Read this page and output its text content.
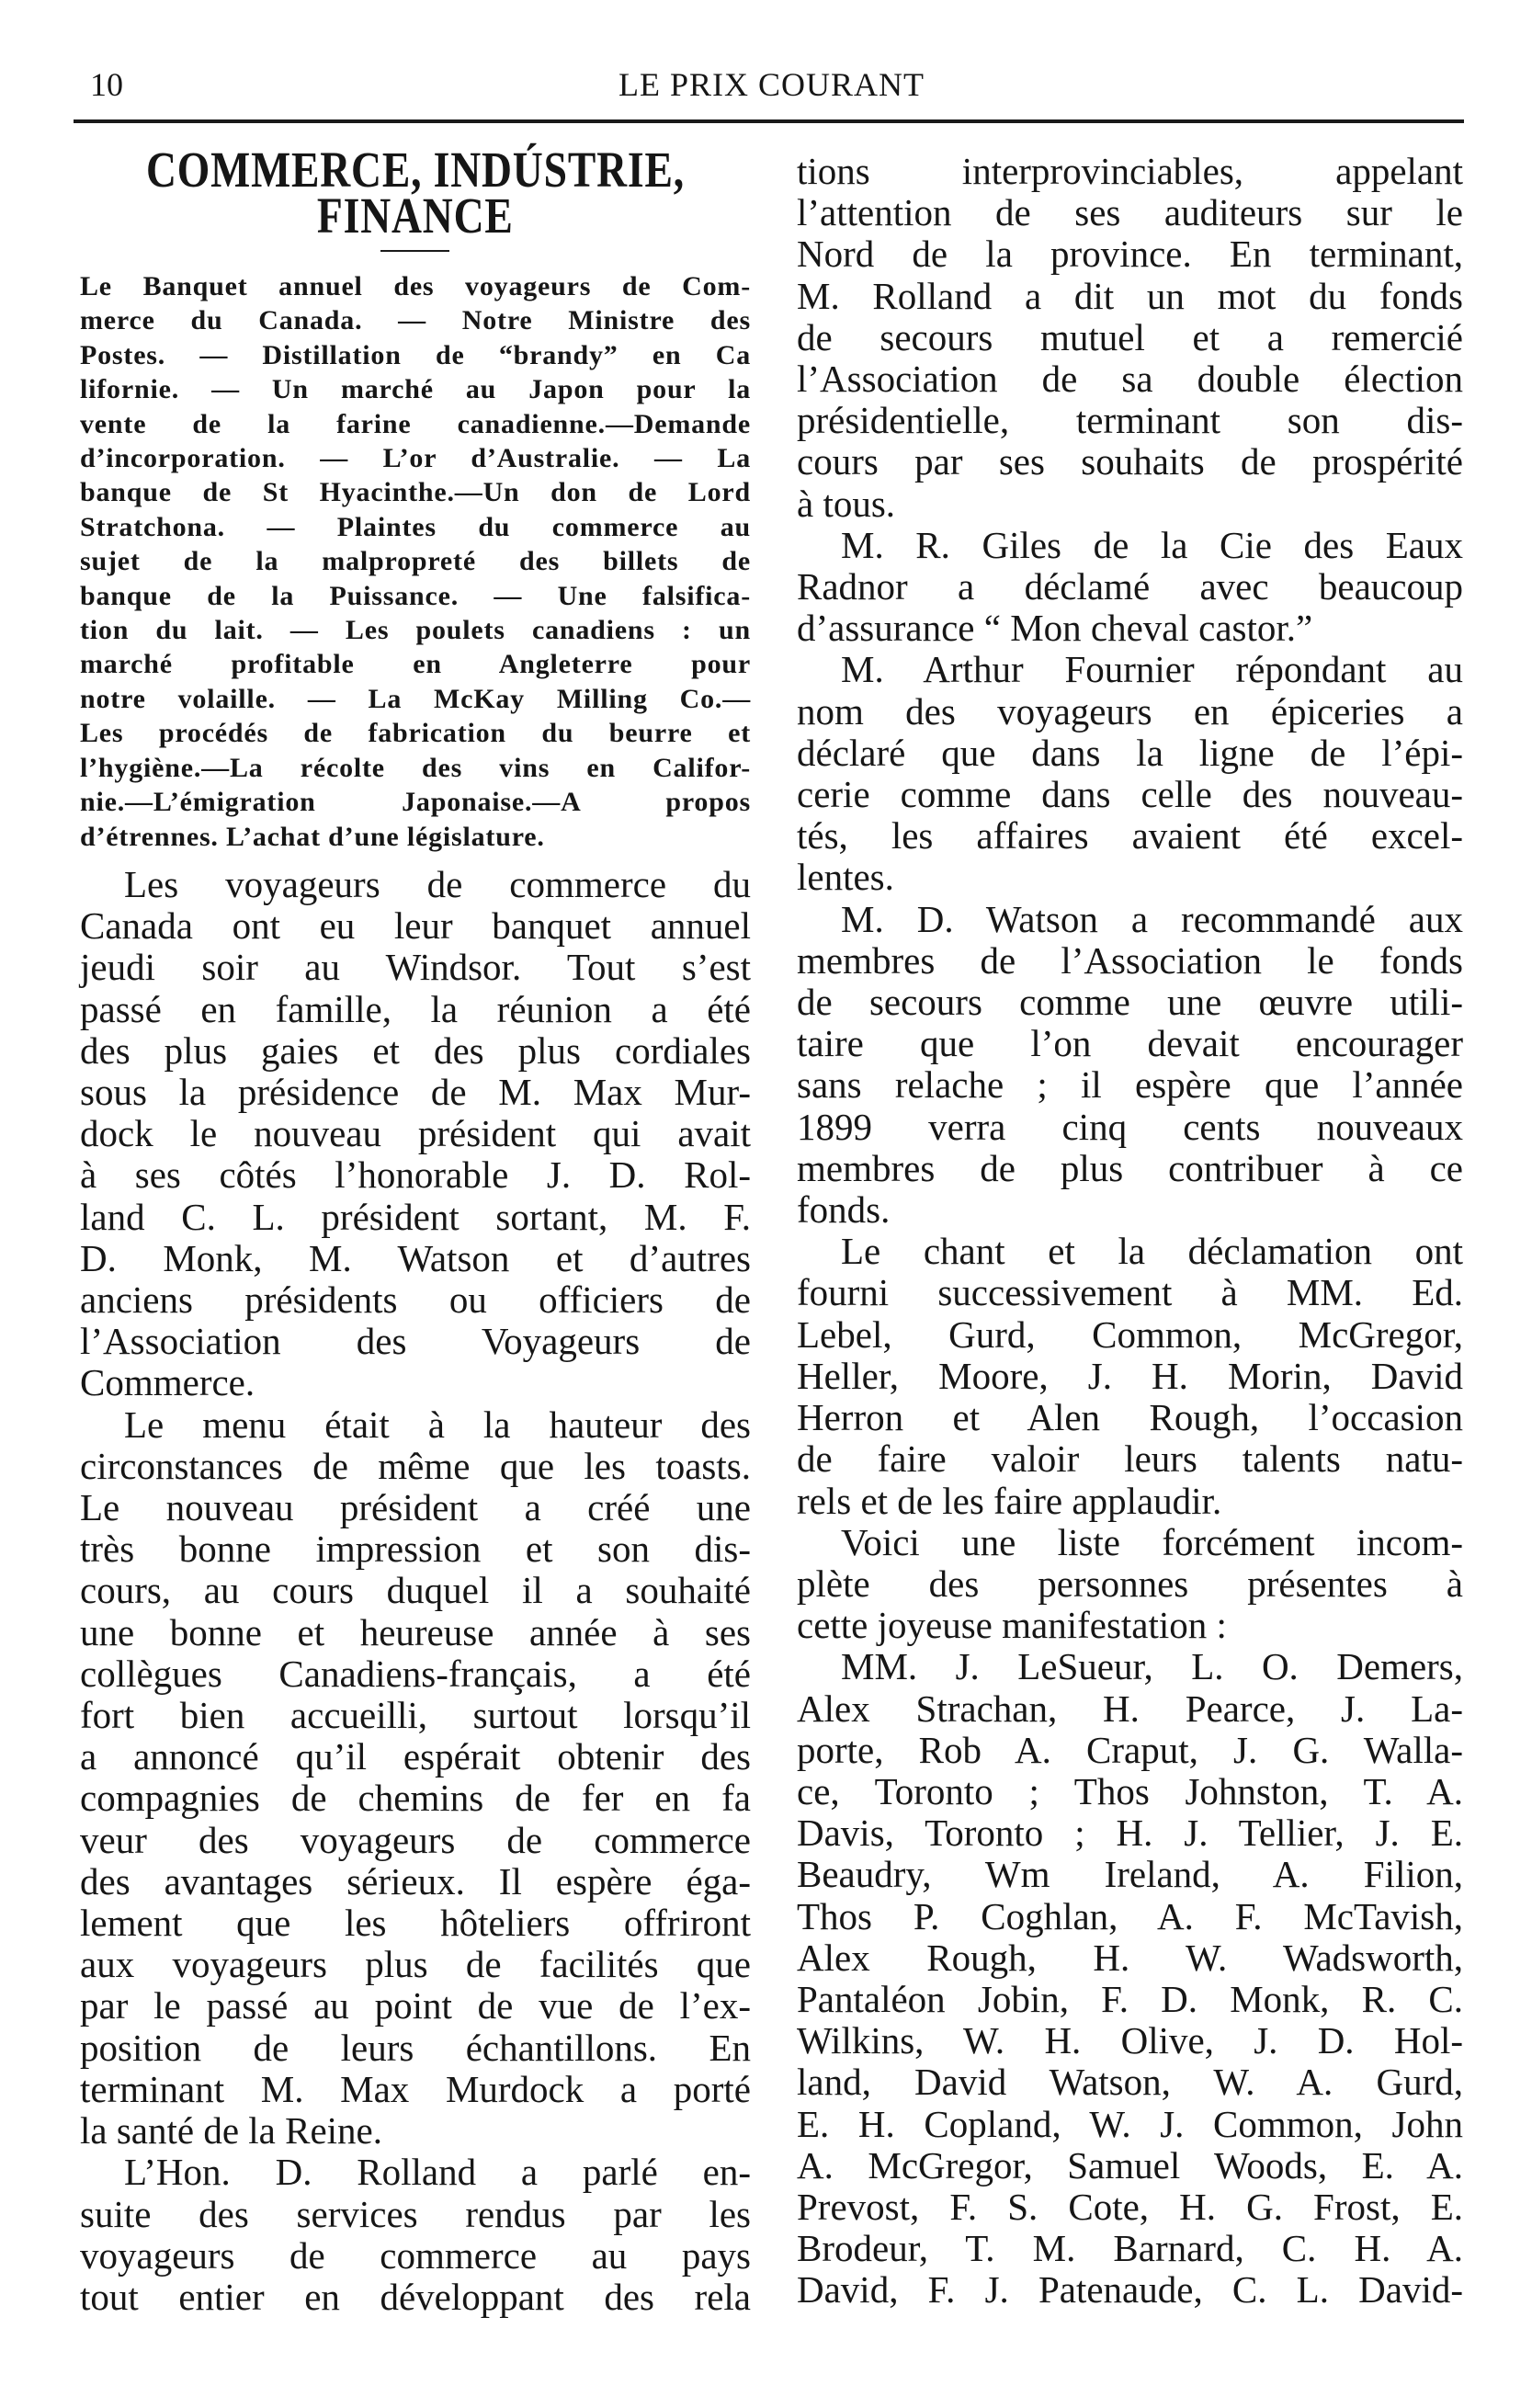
10	LE PRIX COURANT
COMMERCE, INDÚSTRIE,
FINANCE
Le Banquet annuel des voyageurs de Com-
merce du Canada. — Notre Ministre des
Postes. — Distillation de “brandy” en Ca
lifornie. — Un marché au Japon pour la
vente de la farine canadienne.—Demande
d’incorporation. — L’or d’Australie. — La
banque de St Hyacinthe.—Un don de Lord
Stratchona. — Plaintes du commerce au
sujet de la malpropreté des billets de
banque de la Puissance. — Une falsifica-
tion du lait. — Les poulets canadiens : un
marché profitable en Angleterre pour
notre volaille. — La McKay Milling Co.—
Les procédés de fabrication du beurre et
l’hygiène.—La récolte des vins en Califor-
nie.—L’émigration Japonaise.—A propos
d’étrennes. L’achat d’une législature.
Les voyageurs de commerce du
Canada ont eu leur banquet annuel
jeudi soir au Windsor. Tout s’est
passé en famille, la réunion a été
des plus gaies et des plus cordiales
sous la présidence de M. Max Mur-
dock le nouveau président qui avait
à ses côtés l’honorable J. D. Rol-
land C. L. président sortant, M. F.
D. Monk, M. Watson et d’autres
anciens présidents ou officiers de
l’Association des Voyageurs de
Commerce.
Le menu était à la hauteur des
circonstances de même que les toasts.
Le nouveau président a créé une
très bonne impression et son dis-
cours, au cours duquel il a souhaité
une bonne et heureuse année à ses
collègues Canadiens-français, a été
fort bien accueilli, surtout lorsqu’il
a annoncé qu’il espérait obtenir des
compagnies de chemins de fer en fa
veur des voyageurs de commerce
des avantages sérieux. Il espère éga-
lement que les hôteliers offriront
aux voyageurs plus de facilités que
par le passé au point de vue de l’ex-
position de leurs échantillons. En
terminant M. Max Murdock a porté
la santé de la Reine.
L’Hon. D. Rolland a parlé en-
suite des services rendus par les
voyageurs de commerce au pays
tout entier en développant des rela
tions interprovinciables, appelant
l’attention de ses auditeurs sur le
Nord de la province. En terminant,
M. Rolland a dit un mot du fonds
de secours mutuel et a remercié
l’Association de sa double élection
présidentielle, terminant son dis-
cours par ses souhaits de prospérité
à tous.
M. R. Giles de la Cie des Eaux
Radnor a déclamé avec beaucoup
d’assurance “ Mon cheval castor.”
M. Arthur Fournier répondant au
nom des voyageurs en épiceries a
déclaré que dans la ligne de l’épi-
cerie comme dans celle des nouveau-
tés, les affaires avaient été excel-
lentes.
M. D. Watson a recommandé aux
membres de l’Association le fonds
de secours comme une œuvre utili-
taire que l’on devait encourager
sans relache ; il espère que l’année
1899 verra cinq cents nouveaux
membres de plus contribuer à ce
fonds.
Le chant et la déclamation ont
fourni successivement à MM. Ed.
Lebel, Gurd, Common, McGregor,
Heller, Moore, J. H. Morin, David
Herron et Alen Rough, l’occasion
de faire valoir leurs talents natu-
rels et de les faire applaudir.
Voici une liste forcément incom-
plète des personnes présentes à
cette joyeuse manifestation :
MM. J. LeSueur, L. O. Demers,
Alex Strachan, H. Pearce, J. La-
porte, Rob A. Craput, J. G. Walla-
ce, Toronto ; Thos Johnston, T. A.
Davis, Toronto ; H. J. Tellier, J. E.
Beaudry, Wm Ireland, A. Filion,
Thos P. Coghlan, A. F. McTavish,
Alex Rough, H. W. Wadsworth,
Pantaléon Jobin, F. D. Monk, R. C.
Wilkins, W. H. Olive, J. D. Hol-
land, David Watson, W. A. Gurd,
E. H. Copland, W. J. Common, John
A. McGregor, Samuel Woods, E. A.
Prevost, F. S. Cote, H. G. Frost, E.
Brodeur, T. M. Barnard, C. H. A.
David, F. J. Patenaude, C. L. David-
